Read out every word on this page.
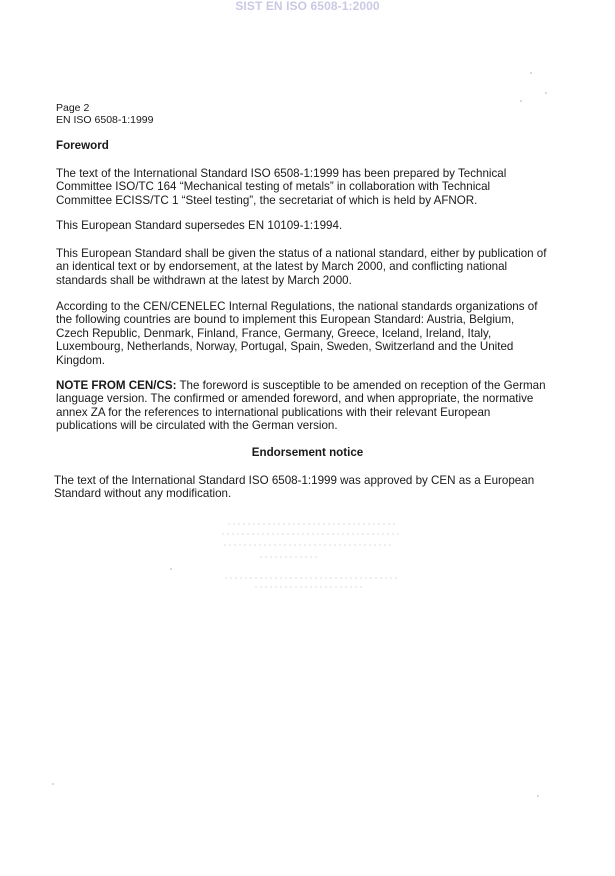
SIST EN ISO 6508-1:2000
Page 2
EN ISO 6508-1:1999
Foreword

The text of the International Standard ISO 6508-1:1999 has been prepared by Technical Committee ISO/TC 164 “Mechanical testing of metals” in collaboration with Technical Committee ECISS/TC 1 “Steel testing”, the secretariat of which is held by AFNOR.

This European Standard supersedes EN 10109-1:1994.

This European Standard shall be given the status of a national standard, either by publication of an identical text or by endorsement, at the latest by March 2000, and conflicting national standards shall be withdrawn at the latest by March 2000.

According to the CEN/CENELEC Internal Regulations, the national standards organizations of the following countries are bound to implement this European Standard: Austria, Belgium, Czech Republic, Denmark, Finland, France, Germany, Greece, Iceland, Ireland, Italy, Luxembourg, Netherlands, Norway, Portugal, Spain, Sweden, Switzerland and the United Kingdom.

NOTE FROM CEN/CS: The foreword is susceptible to be amended on reception of the German language version. The confirmed or amended foreword, and when appropriate, the normative annex ZA for the references to international publications with their relevant European publications will be circulated with the German version.

Endorsement notice

The text of the International Standard ISO 6508-1:1999 was approved by CEN as a European Standard without any modification.
